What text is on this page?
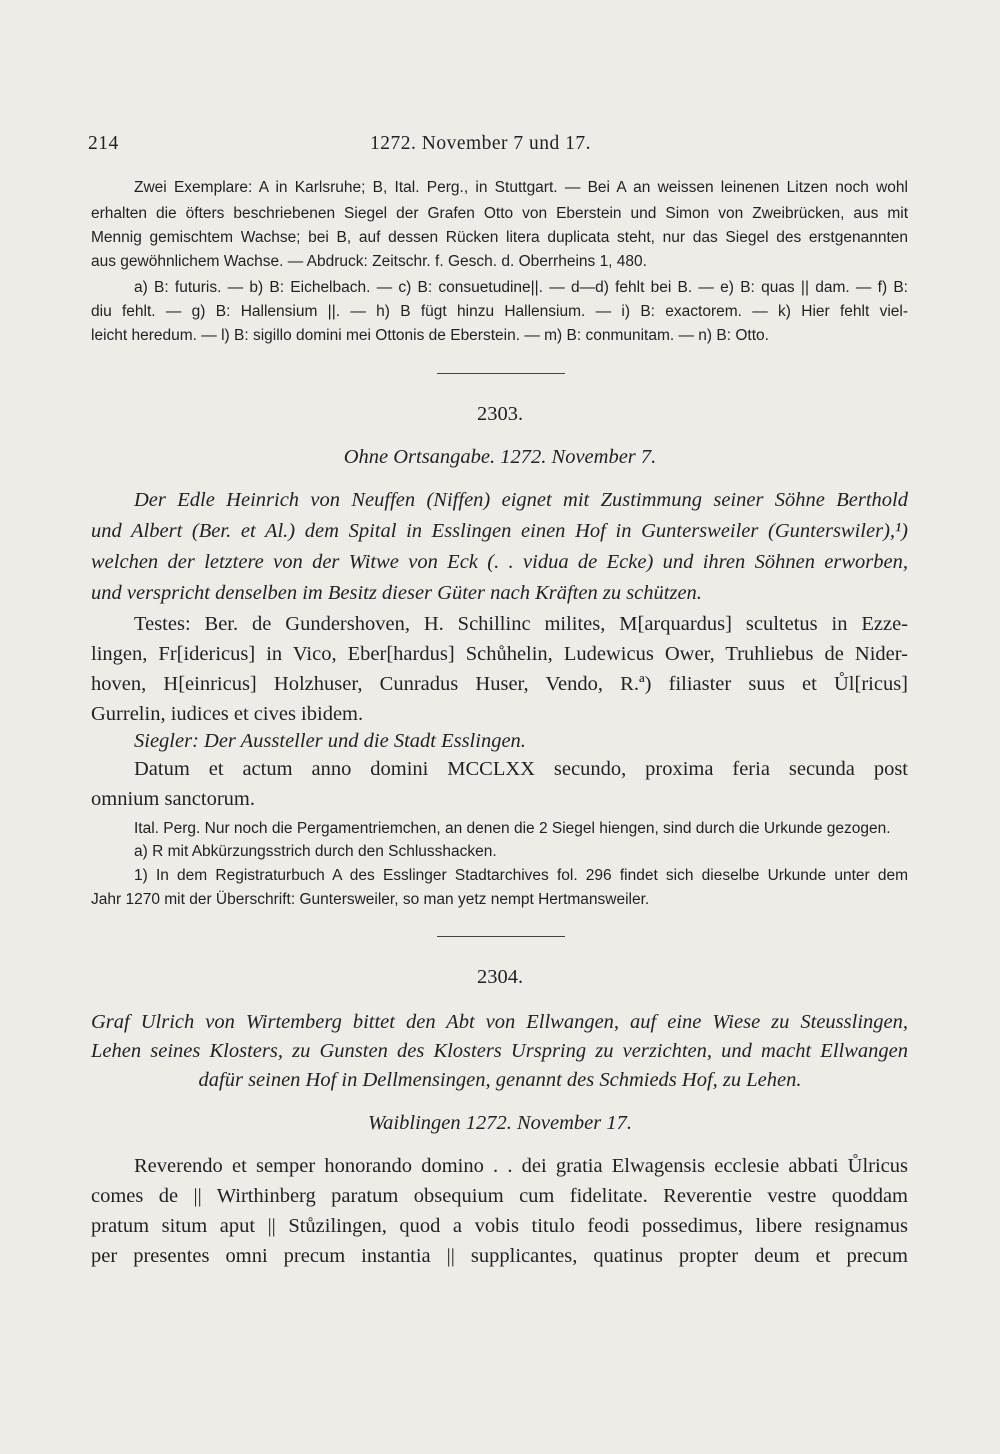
214	1272. November 7 und 17.
Zwei Exemplare: A in Karlsruhe; B, Ital. Perg., in Stuttgart. — Bei A an weissen leinenen Litzen noch wohl
erhalten die öfters beschriebenen Siegel der Grafen Otto von Eberstein und Simon von Zweibrücken, aus mit
Mennig gemischtem Wachse; bei B, auf dessen Rücken litera duplicata steht, nur das Siegel des erstgenannten
aus gewöhnlichem Wachse. — Abdruck: Zeitschr. f. Gesch. d. Oberrheins 1, 480.
a) B: futuris. — b) B: Eichelbach. — c) B: consuetudine||. — d—d) fehlt bei B. — e) B: quas || dam. — f) B:
diu fehlt. — g) B: Hallensium ||. — h) B fügt hinzu Hallensium. — i) B: exactorem. — k) Hier fehlt viel-
leicht heredum. — l) B: sigillo domini mei Ottonis de Eberstein. — m) B: conmunitam. — n) B: Otto.
2303.
Ohne Ortsangabe. 1272. November 7.
Der Edle Heinrich von Neuffen (Niffen) eignet mit Zustimmung seiner Söhne Berthold
und Albert (Ber. et Al.) dem Spital in Esslingen einen Hof in Guntersweiler (Gunterswiler),¹)
welchen der letztere von der Witwe von Eck (. . vidua de Ecke) und ihren Söhnen erworben,
und verspricht denselben im Besitz dieser Güter nach Kräften zu schützen.
Testes: Ber. de Gundershoven, H. Schillinc milites, M[arquardus] scultetus in Ezze-
lingen, Fr[idericus] in Vico, Eber[hardus] Schůhelin, Ludewicus Ower, Truhliebus de Nider-
hoven, H[einricus] Holzhuser, Cunradus Huser, Vendo, R.ª) filiaster suus et Ůl[ricus]
Gurrelin, iudices et cives ibidem.
Siegler: Der Aussteller und die Stadt Esslingen.
Datum et actum anno domini MCCLXX secundo, proxima feria secunda post
omnium sanctorum.
Ital. Perg. Nur noch die Pergamentriemchen, an denen die 2 Siegel hiengen, sind durch die Urkunde gezogen.
a) R mit Abkürzungsstrich durch den Schlusshacken.
1) In dem Registraturbuch A des Esslinger Stadtarchives fol. 296 findet sich dieselbe Urkunde unter dem
Jahr 1270 mit der Überschrift: Guntersweiler, so man yetz nempt Hertmansweiler.
2304.
Graf Ulrich von Wirtemberg bittet den Abt von Ellwangen, auf eine Wiese zu Steusslingen,
Lehen seines Klosters, zu Gunsten des Klosters Urspring zu verzichten, und macht Ellwangen
dafür seinen Hof in Dellmensingen, genannt des Schmieds Hof, zu Lehen.
Waiblingen 1272. November 17.
Reverendo et semper honorando domino . . dei gratia Elwagensis ecclesie abbati Ůlricus
comes de || Wirthinberg paratum obsequium cum fidelitate. Reverentie vestre quoddam
pratum situm aput || Stůzilingen, quod a vobis titulo feodi possedimus, libere resignamus
per presentes omni precum instantia || supplicantes, quatinus propter deum et precum
